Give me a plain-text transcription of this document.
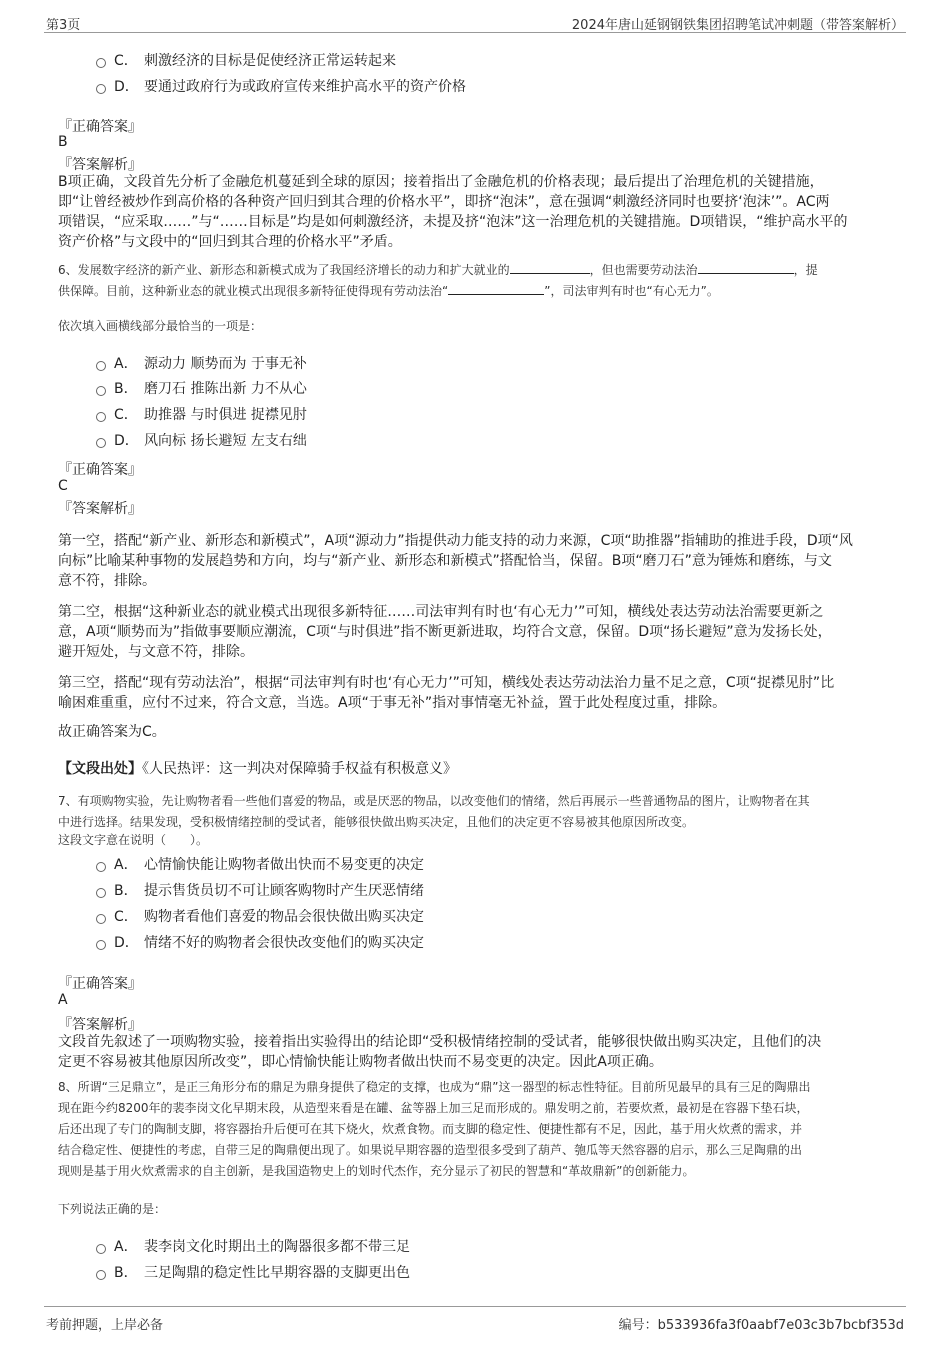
第3页	2024年唐山延钢钢铁集团招聘笔试冲刺题（带答案解析）
C． 刺激经济的目标是促使经济正常运转起来
D． 要通过政府行为或政府宣传来维护高水平的资产价格
『正确答案』
B
『答案解析』
B项正确，文段首先分析了金融危机蔓延到全球的原因；接着指出了金融危机的价格表现；最后提出了治理危机的关键措施，
即“让曾经被炒作到高价格的各种资产回归到其合理的价格水平”，即挤“泡沫”，意在强调“刺激经济同时也要挤‘泡沫’”。AC两
项错误，“应采取……”与“……目标是”均是如何刺激经济，未提及挤“泡沫”这一治理危机的关键措施。D项错误，“维护高水平的
资产价格”与文段中的“回归到其合理的价格水平”矛盾。
6、发展数字经济的新产业、新形态和新模式成为了我国经济增长的动力和扩大就业的	，但也需要劳动法治	，提
供保障。目前，这种新业态的就业模式出现很多新特征使得现有劳动法治“	”，司法审判有时也“有心无力”。
依次填入画横线部分最恰当的一项是：
A． 源动力 顺势而为 于事无补
B． 磨刀石 推陈出新 力不从心
C． 助推器 与时俱进 捉襟见肘
D． 风向标 扬长避短 左支右绌
『正确答案』
C
『答案解析』
第一空，搭配“新产业、新形态和新模式”，A项“源动力”指提供动力能支持的动力来源，C项“助推器”指辅助的推进手段，D项“风
向标”比喻某种事物的发展趋势和方向，均与“新产业、新形态和新模式”搭配恰当，保留。B项“磨刀石”意为锤炼和磨练，与文
意不符，排除。
第二空，根据“这种新业态的就业模式出现很多新特征……司法审判有时也‘有心无力’”可知，横线处表达劳动法治需要更新之
意，A项“顺势而为”指做事要顺应潮流，C项“与时俱进”指不断更新进取，均符合文意，保留。D项“扬长避短”意为发扬长处，
避开短处，与文意不符，排除。
第三空，搭配“现有劳动法治”，根据“司法审判有时也‘有心无力’”可知，横线处表达劳动法治力量不足之意，C项“捉襟见肘”比
喻困难重重，应付不过来，符合文意，当选。A项“于事无补”指对事情毫无补益，置于此处程度过重，排除。
故正确答案为C。
【文段出处】《人民热评：这一判决对保障骑手权益有积极意义》
7、有项购物实验，先让购物者看一些他们喜爱的物品，或是厌恶的物品，以改变他们的情绪，然后再展示一些普通物品的图片，让购物者在其
中进行选择。结果发现，受积极情绪控制的受试者，能够很快做出购买决定，且他们的决定更不容易被其他原因所改变。
这段文字意在说明（　　）。
A． 心情愉快能让购物者做出快而不易变更的决定
B． 提示售货员切不可让顾客购物时产生厌恶情绪
C． 购物者看他们喜爱的物品会很快做出购买决定
D． 情绪不好的购物者会很快改变他们的购买决定
『正确答案』
A
『答案解析』
文段首先叙述了一项购物实验，接着指出实验得出的结论即“受积极情绪控制的受试者，能够很快做出购买决定，且他们的决
定更不容易被其他原因所改变”，即心情愉快能让购物者做出快而不易变更的决定。因此A项正确。
8、所谓“三足鼎立”，是正三角形分布的鼎足为鼎身提供了稳定的支撑，也成为“鼎”这一器型的标志性特征。目前所见最早的具有三足的陶鼎出
现在距今约8200年的裴李岗文化早期末段，从造型来看是在罐、盆等器上加三足而形成的。鼎发明之前，若要炊煮，最初是在容器下垫石块，
后还出现了专门的陶制支脚，将容器抬升后便可在其下烧火，炊煮食物。而支脚的稳定性、便捷性都有不足，因此，基于用火炊煮的需求，并
结合稳定性、便捷性的考虑，自带三足的陶鼎便出现了。如果说早期容器的造型很多受到了葫芦、匏瓜等天然容器的启示，那么三足陶鼎的出
现则是基于用火炊煮需求的自主创新，是我国造物史上的划时代杰作，充分显示了初民的智慧和“革故鼎新”的创新能力。
下列说法正确的是：
A． 裴李岗文化时期出土的陶器很多都不带三足
B． 三足陶鼎的稳定性比早期容器的支脚更出色
考前押题，上岸必备	编号：b533936fa3f0aabf7e03c3b7bcbf353d
